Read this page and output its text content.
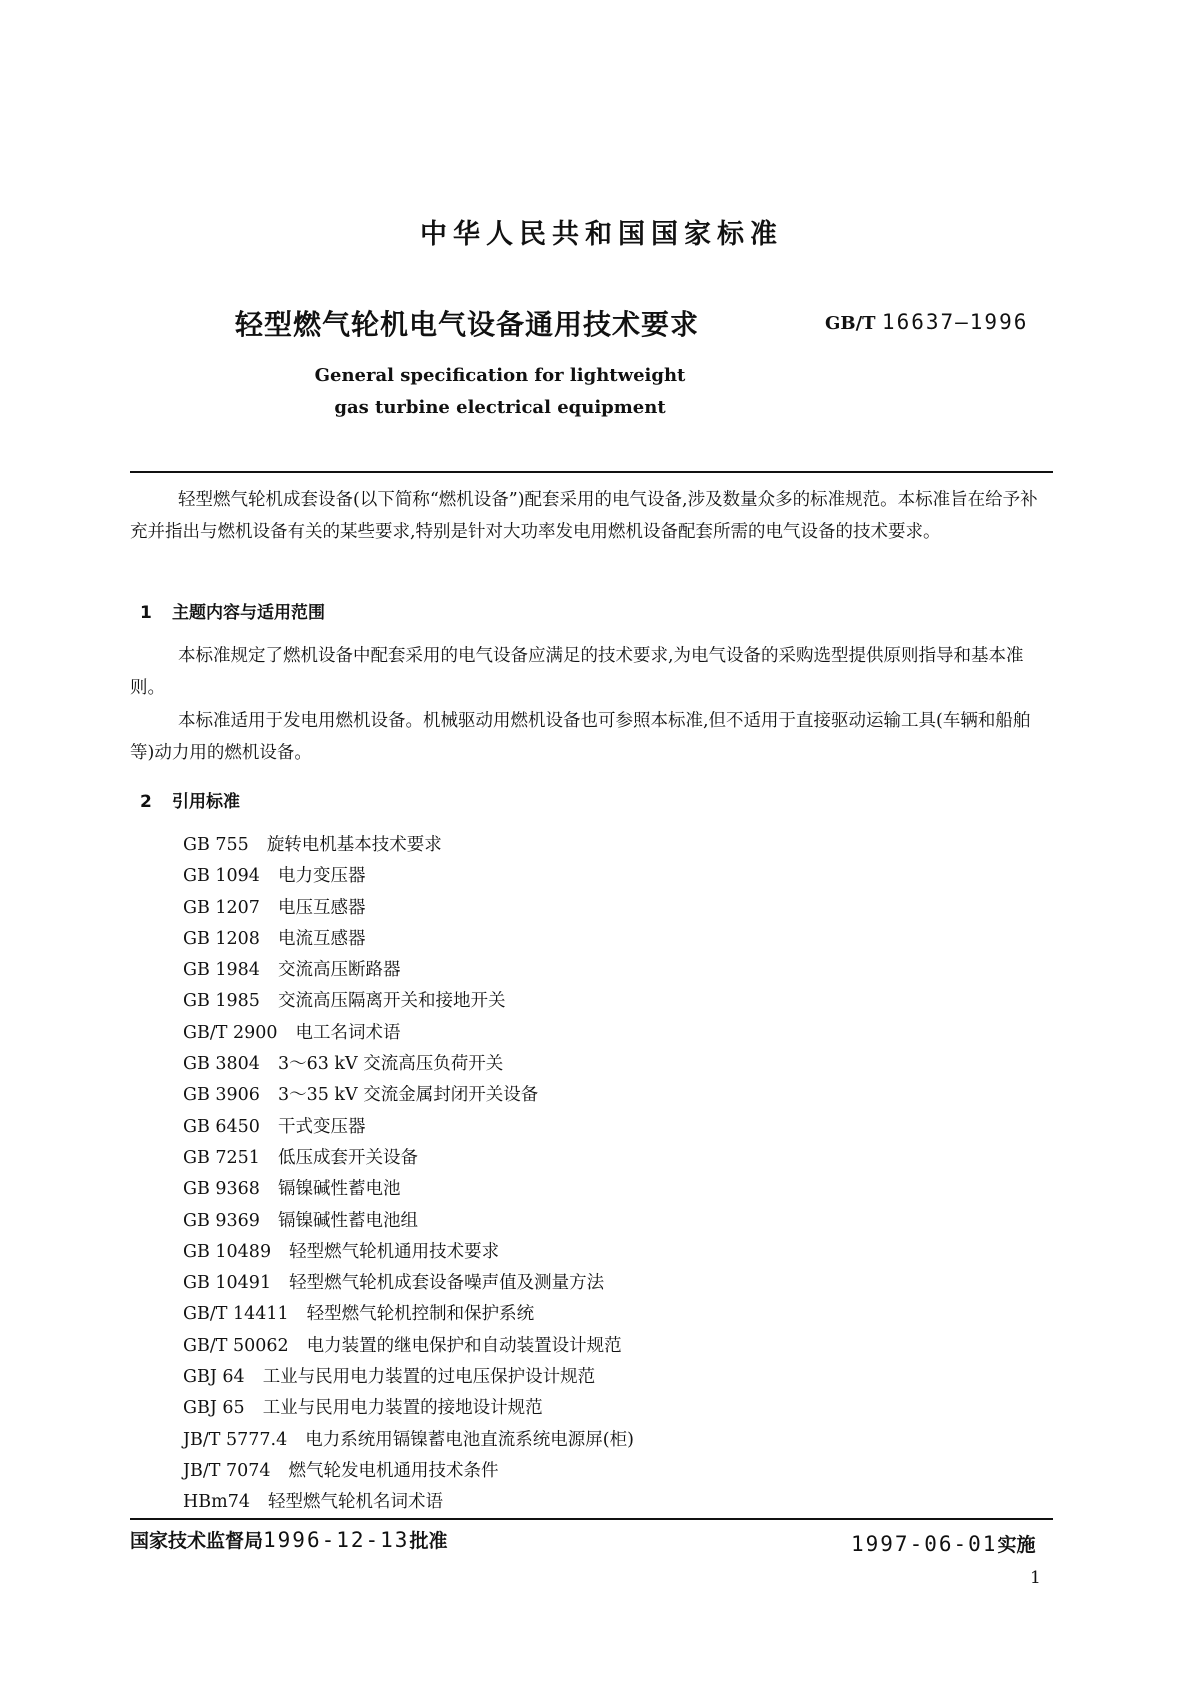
中华人民共和国国家标准
轻型燃气轮机电气设备通用技术要求	GB/T 16637—1996
General specification for lightweight
gas turbine electrical equipment
轻型燃气轮机成套设备(以下简称“燃机设备”)配套采用的电气设备,涉及数量众多的标准规范。本标准旨在给予补充并指出与燃机设备有关的某些要求,特别是针对大功率发电用燃机设备配套所需的电气设备的技术要求。
1 主题内容与适用范围
本标准规定了燃机设备中配套采用的电气设备应满足的技术要求,为电气设备的采购选型提供原则指导和基本准则。
本标准适用于发电用燃机设备。机械驱动用燃机设备也可参照本标准,但不适用于直接驱动运输工具(车辆和船舶等)动力用的燃机设备。
2 引用标准
GB 755 旋转电机基本技术要求
GB 1094 电力变压器
GB 1207 电压互感器
GB 1208 电流互感器
GB 1984 交流高压断路器
GB 1985 交流高压隔离开关和接地开关
GB/T 2900 电工名词术语
GB 3804 3～63 kV 交流高压负荷开关
GB 3906 3～35 kV 交流金属封闭开关设备
GB 6450 干式变压器
GB 7251 低压成套开关设备
GB 9368 镉镍碱性蓄电池
GB 9369 镉镍碱性蓄电池组
GB 10489 轻型燃气轮机通用技术要求
GB 10491 轻型燃气轮机成套设备噪声值及测量方法
GB/T 14411 轻型燃气轮机控制和保护系统
GB/T 50062 电力装置的继电保护和自动装置设计规范
GBJ 64 工业与民用电力装置的过电压保护设计规范
GBJ 65 工业与民用电力装置的接地设计规范
JB/T 5777.4 电力系统用镉镍蓄电池直流系统电源屏(柜)
JB/T 7074 燃气轮发电机通用技术条件
HBm74 轻型燃气轮机名词术语
国家技术监督局1996-12-13批准	1997-06-01实施
1
